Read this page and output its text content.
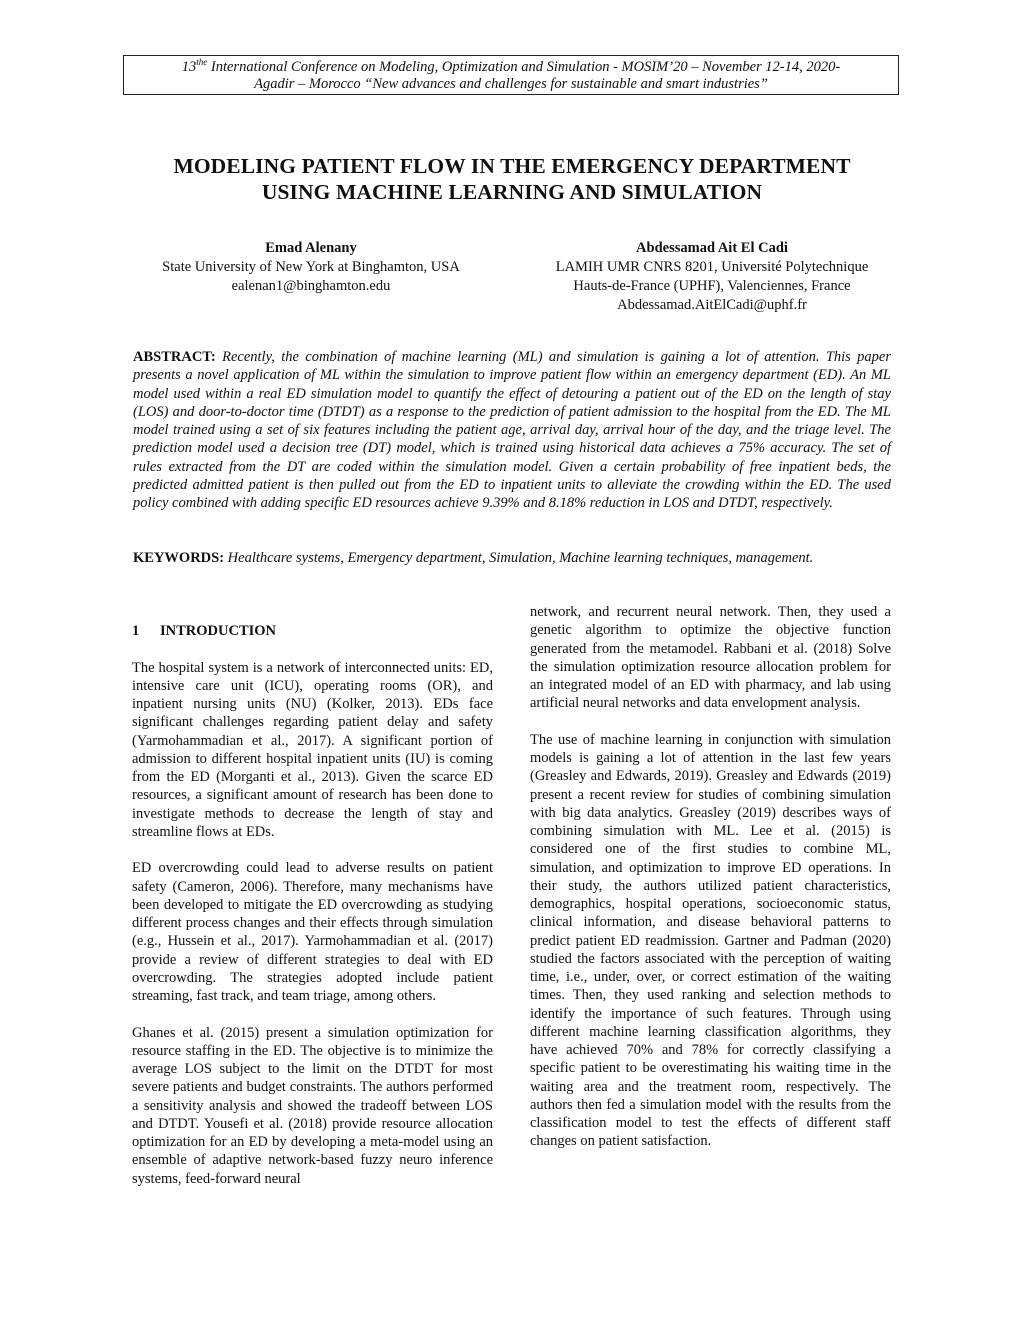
$13^{the}$ International Conference on Modeling, Optimization and Simulation - MOSIM’20 – November 12-14, 2020-
Agadir – Morocco “New advances and challenges for sustainable and smart industries”
MODELING PATIENT FLOW IN THE EMERGENCY DEPARTMENT
USING MACHINE LEARNING AND SIMULATION
Emad Alenany
State University of New York at Binghamton, USA
ealenan1@binghamton.edu
Abdessamad Ait El Cadi
LAMIH UMR CNRS 8201, Université Polytechnique
Hauts-de-France (UPHF), Valenciennes, France
Abdessamad.AitElCadi@uphf.fr
ABSTRACT: Recently, the combination of machine learning (ML) and simulation is gaining a lot of attention. This paper presents a novel application of ML within the simulation to improve patient flow within an emergency department (ED). An ML model used within a real ED simulation model to quantify the effect of detouring a patient out of the ED on the length of stay (LOS) and door-to-doctor time (DTDT) as a response to the prediction of patient admission to the hospital from the ED. The ML model trained using a set of six features including the patient age, arrival day, arrival hour of the day, and the triage level. The prediction model used a decision tree (DT) model, which is trained using historical data achieves a 75% accuracy. The set of rules extracted from the DT are coded within the simulation model. Given a certain probability of free inpatient beds, the predicted admitted patient is then pulled out from the ED to inpatient units to alleviate the crowding within the ED. The used policy combined with adding specific ED resources achieve 9.39% and 8.18% reduction in LOS and DTDT, respectively.
KEYWORDS: Healthcare systems, Emergency department, Simulation, Machine learning techniques, management.
1 INTRODUCTION

The hospital system is a network of interconnected units: ED, intensive care unit (ICU), operating rooms (OR), and inpatient nursing units (NU) (Kolker, 2013). EDs face significant challenges regarding patient delay and safety (Yarmohammadian et al., 2017). A significant portion of admission to different hospital inpatient units (IU) is coming from the ED (Morganti et al., 2013). Given the scarce ED resources, a significant amount of research has been done to investigate methods to decrease the length of stay and streamline flows at EDs.

ED overcrowding could lead to adverse results on patient safety (Cameron, 2006). Therefore, many mechanisms have been developed to mitigate the ED overcrowding as studying different process changes and their effects through simulation (e.g., Hussein et al., 2017). Yarmohammadian et al. (2017) provide a review of different strategies to deal with ED overcrowding. The strategies adopted include patient streaming, fast track, and team triage, among others.

Ghanes et al. (2015) present a simulation optimization for resource staffing in the ED. The objective is to minimize the average LOS subject to the limit on the DTDT for most severe patients and budget constraints. The authors performed a sensitivity analysis and showed the tradeoff between LOS and DTDT. Yousefi et al. (2018) provide resource allocation optimization for an ED by developing a meta-model using an ensemble of adaptive network-based fuzzy neuro inference systems, feed-forward neural

network, and recurrent neural network. Then, they used a genetic algorithm to optimize the objective function generated from the metamodel. Rabbani et al. (2018) Solve the simulation optimization resource allocation problem for an integrated model of an ED with pharmacy, and lab using artificial neural networks and data envelopment analysis.

The use of machine learning in conjunction with simulation models is gaining a lot of attention in the last few years (Greasley and Edwards, 2019). Greasley and Edwards (2019) present a recent review for studies of combining simulation with big data analytics. Greasley (2019) describes ways of combining simulation with ML. Lee et al. (2015) is considered one of the first studies to combine ML, simulation, and optimization to improve ED operations. In their study, the authors utilized patient characteristics, demographics, hospital operations, socioeconomic status, clinical information, and disease behavioral patterns to predict patient ED readmission. Gartner and Padman (2020) studied the factors associated with the perception of waiting time, i.e., under, over, or correct estimation of the waiting times. Then, they used ranking and selection methods to identify the importance of such features. Through using different machine learning classification algorithms, they have achieved 70% and 78% for correctly classifying a specific patient to be overestimating his waiting time in the waiting area and the treatment room, respectively. The authors then fed a simulation model with the results from the classification model to test the effects of different staff changes on patient satisfaction.
